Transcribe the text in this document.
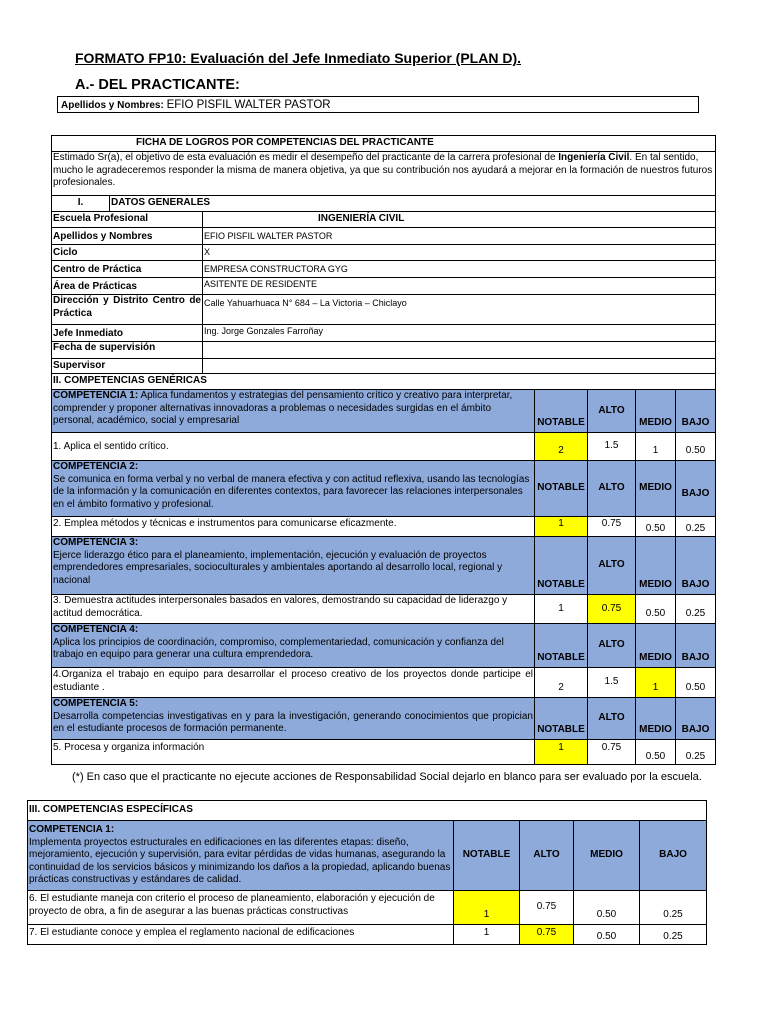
FORMATO FP10: Evaluación del Jefe Inmediato Superior (PLAN D).
A.- DEL PRACTICANTE:
Apellidos y Nombres: EFIO PISFIL WALTER PASTOR
FICHA DE LOGROS POR COMPETENCIAS DEL PRACTICANTE						
Estimado Sr(a), el objetivo de esta evaluación es medir el desempeño del practicante de la carrera profesional de Ingeniería Civil. En tal sentido, mucho le agradeceremos responder la misma de manera objetiva, ya que su contribución nos ayudará a mejorar en la formación de nuestros futuros profesionales.						
I.	DATOS GENERALES					
Escuela Profesional		INGENIERÍA CIVIL				
Apellidos y Nombres		EFIO PISFIL WALTER PASTOR				
Ciclo		X				
Centro de Práctica		EMPRESA CONSTRUCTORA GYG				
Área de Prácticas		ASITENTE DE RESIDENTE				
Dirección y Distrito Centro de Práctica		Calle Yahuarhuaca N° 684 – La Victoria – Chiclayo				
Jefe Inmediato		Ing. Jorge Gonzales Farroñay				
Fecha de supervisión						
Supervisor						
II. COMPETENCIAS GENÉRICAS						
COMPETENCIA 1: Aplica fundamentos y estrategias del pensamiento crítico y creativo para interpretar, comprender y proponer alternativas innovadoras a problemas o necesidades surgidas en el ámbito personal, académico, social y empresarial			NOTABLE	ALTO	MEDIO	BAJO
1. Aplica el sentido crítico.			2	1.5	1	0.50
COMPETENCIA 2:
Se comunica en forma verbal y no verbal de manera efectiva y con actitud reflexiva, usando las tecnologías de la información y la comunicación en diferentes contextos, para favorecer las relaciones interpersonales en el ámbito formativo y profesional.			NOTABLE	ALTO	MEDIO	BAJO
2. Emplea métodos y técnicas e instrumentos para comunicarse eficazmente.			1	0.75	0.50	0.25
COMPETENCIA 3:
Ejerce liderazgo ético para el planeamiento, implementación, ejecución y evaluación de proyectos emprendedores empresariales, socioculturales y ambientales aportando al desarrollo local, regional y nacional			NOTABLE	ALTO	MEDIO	BAJO
3. Demuestra actitudes interpersonales basados en valores, demostrando su capacidad de liderazgo y actitud democrática.			1	0.75	0.50	0.25
COMPETENCIA 4:
Aplica los principios de coordinación, compromiso, complementariedad, comunicación y confianza del trabajo en equipo para generar una cultura emprendedora.			NOTABLE	ALTO	MEDIO	BAJO
4.Organiza el trabajo en equipo para desarrollar el proceso creativo de los proyectos donde participe el estudiante .			2	1.5	1	0.50
COMPETENCIA 5:
Desarrolla competencias investigativas en y para la investigación, generando conocimientos que propician en el estudiante procesos de formación permanente.			NOTABLE	ALTO	MEDIO	BAJO
5. Procesa y organiza información			1	0.75	0.50	0.25
(*) En caso que el practicante no ejecute acciones de Responsabilidad Social dejarlo en blanco para ser evaluado por la escuela.
III. COMPETENCIAS ESPECÍFICAS				
COMPETENCIA 1:
Implementa proyectos estructurales en edificaciones en las diferentes etapas: diseño, mejoramiento, ejecución y supervisión, para evitar pérdidas de vidas humanas, asegurando la continuidad de los servicios básicos y minimizando los daños a la propiedad, aplicando buenas prácticas constructivas y estándares de calidad.	NOTABLE	ALTO	MEDIO	BAJO
6. El estudiante maneja con criterio el proceso de planeamiento, elaboración y ejecución de proyecto de obra, a fin de asegurar a las buenas prácticas constructivas	1	0.75	0.50	0.25
7. El estudiante conoce y emplea el reglamento nacional de edificaciones	1	0.75	0.50	0.25
